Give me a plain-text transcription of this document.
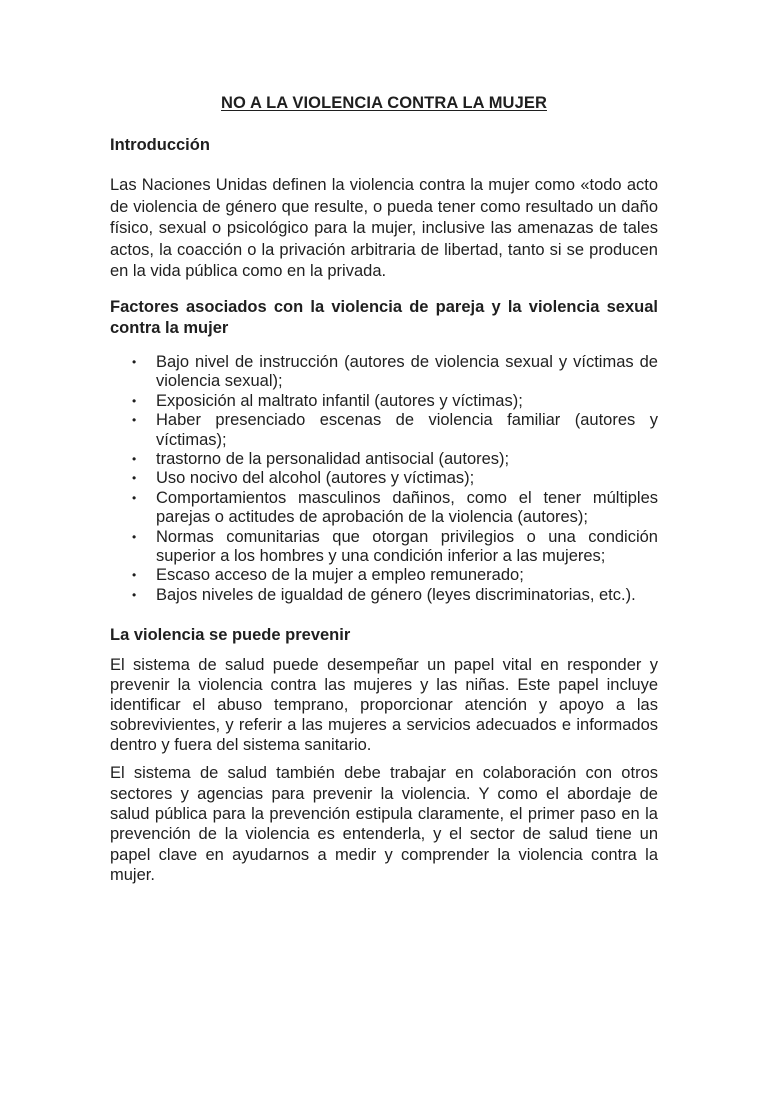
NO A LA VIOLENCIA CONTRA LA MUJER
Introducción

Las Naciones Unidas definen la violencia contra la mujer como «todo acto de violencia de género que resulte, o pueda tener como resultado un daño físico, sexual o psicológico para la mujer, inclusive las amenazas de tales actos, la coacción o la privación arbitraria de libertad, tanto si se producen en la vida pública como en la privada.

Factores asociados con la violencia de pareja y la violencia sexual contra la mujer
• Bajo nivel de instrucción (autores de violencia sexual y víctimas de violencia sexual);
• Exposición al maltrato infantil (autores y víctimas);
• Haber presenciado escenas de violencia familiar (autores y víctimas);
• trastorno de la personalidad antisocial (autores);
• Uso nocivo del alcohol (autores y víctimas);
• Comportamientos masculinos dañinos, como el tener múltiples parejas o actitudes de aprobación de la violencia (autores);
• Normas comunitarias que otorgan privilegios o una condición superior a los hombres y una condición inferior a las mujeres;
• Escaso acceso de la mujer a empleo remunerado;
• Bajos niveles de igualdad de género (leyes discriminatorias, etc.).
La violencia se puede prevenir

El sistema de salud puede desempeñar un papel vital en responder y prevenir la violencia contra las mujeres y las niñas. Este papel incluye identificar el abuso temprano, proporcionar atención y apoyo a las sobrevivientes, y referir a las mujeres a servicios adecuados e informados dentro y fuera del sistema sanitario.

El sistema de salud también debe trabajar en colaboración con otros sectores y agencias para prevenir la violencia. Y como el abordaje de salud pública para la prevención estipula claramente, el primer paso en la prevención de la violencia es entenderla, y el sector de salud tiene un papel clave en ayudarnos a medir y comprender la violencia contra la mujer.
